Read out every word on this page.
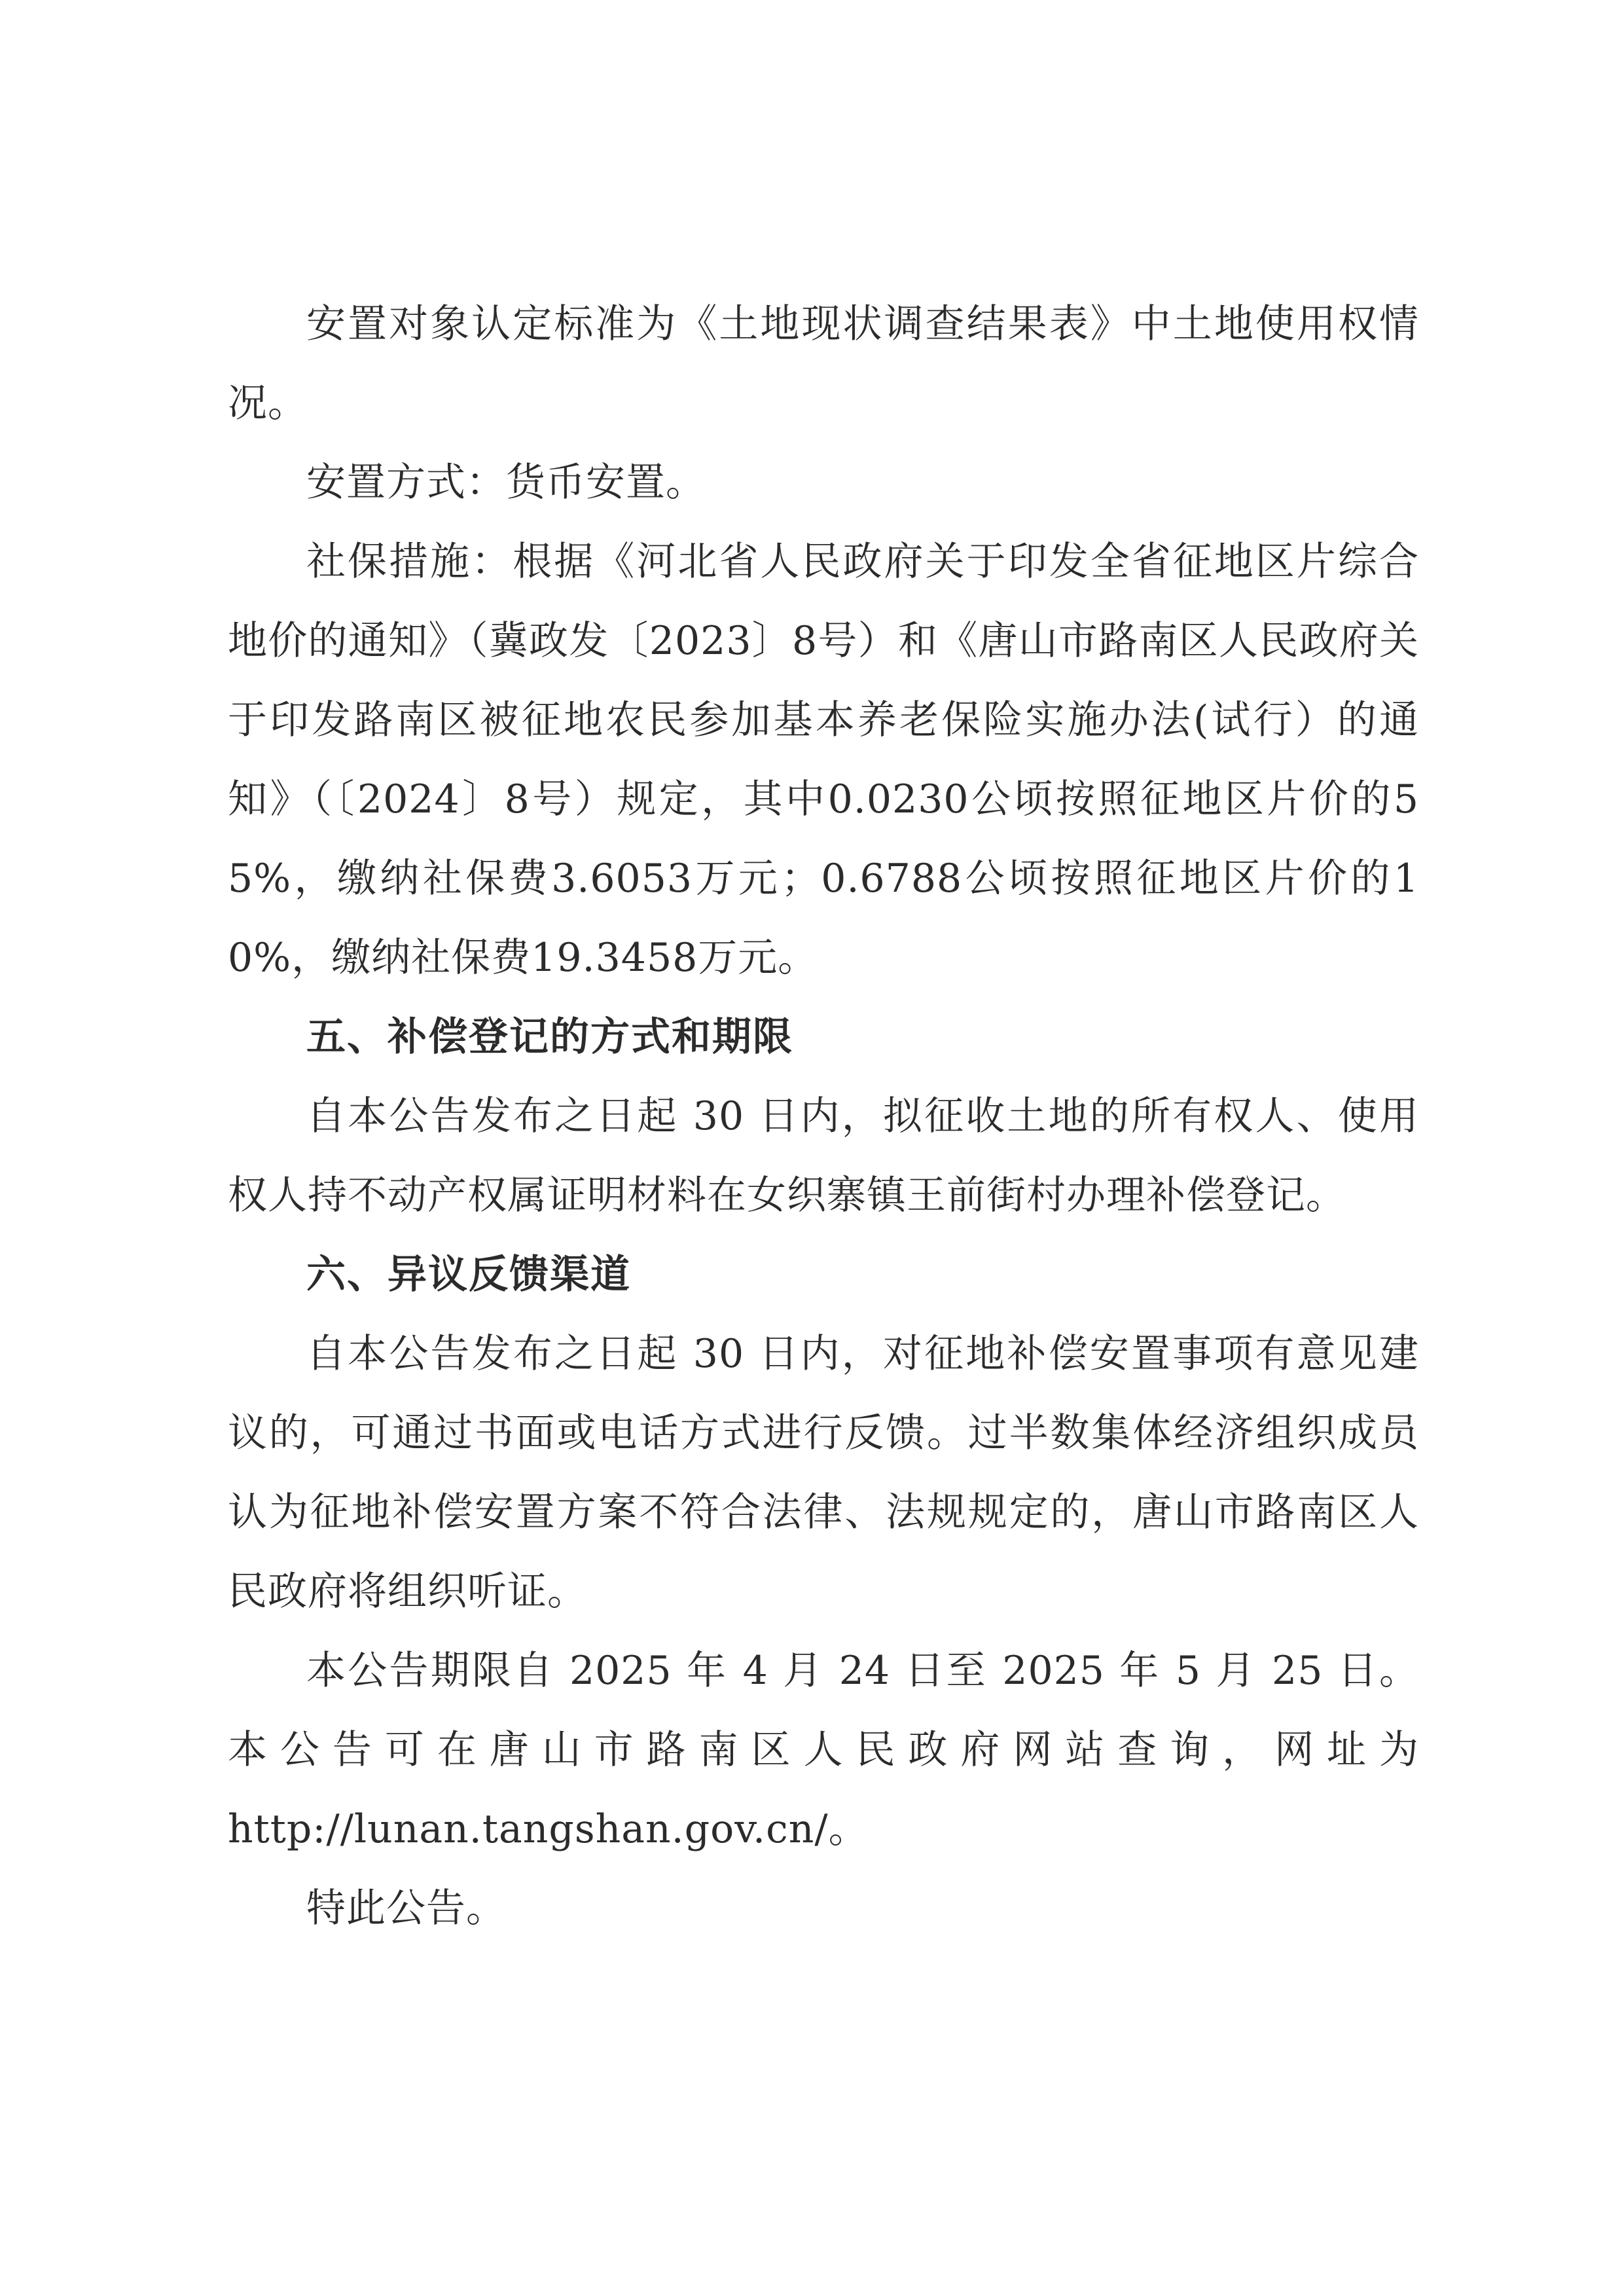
安置对象认定标准为《土地现状调查结果表》中土地使用权情况。

安置方式：货币安置。

社保措施：根据《河北省人民政府关于印发全省征地区片综合地价的通知》（冀政发〔2023〕8号）和《唐山市路南区人民政府关于印发路南区被征地农民参加基本养老保险实施办法(试行）的通知》（〔2024〕8号）规定，其中0.0230公顷按照征地区片价的55%，缴纳社保费3.6053万元；0.6788公顷按照征地区片价的10%，缴纳社保费19.3458万元。

五、补偿登记的方式和期限

自本公告发布之日起 30 日内，拟征收土地的所有权人、使用权人持不动产权属证明材料在女织寨镇王前街村办理补偿登记。

六、异议反馈渠道

自本公告发布之日起 30 日内，对征地补偿安置事项有意见建议的，可通过书面或电话方式进行反馈。过半数集体经济组织成员认为征地补偿安置方案不符合法律、法规规定的，唐山市路南区人民政府将组织听证。

本公告期限自 2025 年 4 月 24 日至 2025 年 5 月 25 日。本公告可在唐山市路南区人民政府网站查询，网址为

http://lunan.tangshan.gov.cn/。

特此公告。
